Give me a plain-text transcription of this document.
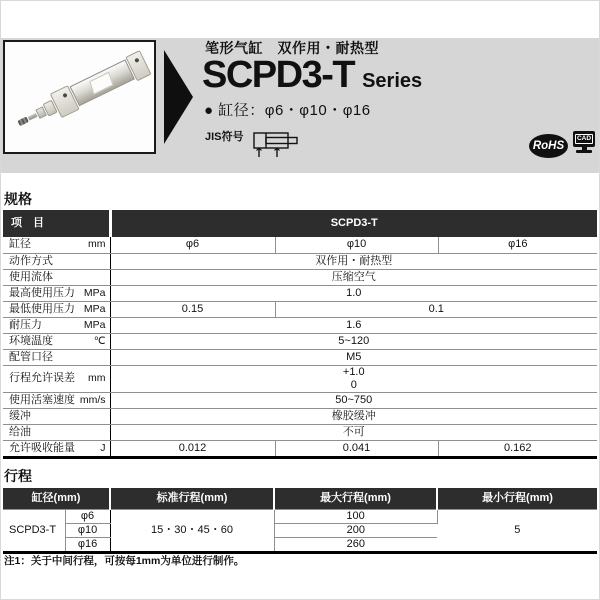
笔形气缸　双作用・耐热型
SCPD3-T Series
● 缸径：φ6・φ10・φ16
JIS符号
RoHS
CAD
规格
项 目	SCPD3-T		

缸径 mm	φ6	φ10	φ16

动作方式	双作用・耐热型		

使用流体	压缩空气		

最高使用压力 MPa	1.0		

最低使用压力 MPa	0.15	0.1	

耐压力 MPa	1.6		

环境温度 ℃	5~120		

配管口径	M5		

行程允许误差 mm	+1.0
0

使用活塞速度 mm/s	50~750		

缓冲	橡胶缓冲		

给油	不可		

允许吸收能量 J	0.012	0.041	0.162
行程
缸径(mm)		标准行程(mm)	最大行程(mm)	最小行程(mm)
SCPD3-T	φ6	15・30・45・60	100	5
	φ10		200	
	φ16		260	
注1：关于中间行程，可按每1mm为单位进行制作。
